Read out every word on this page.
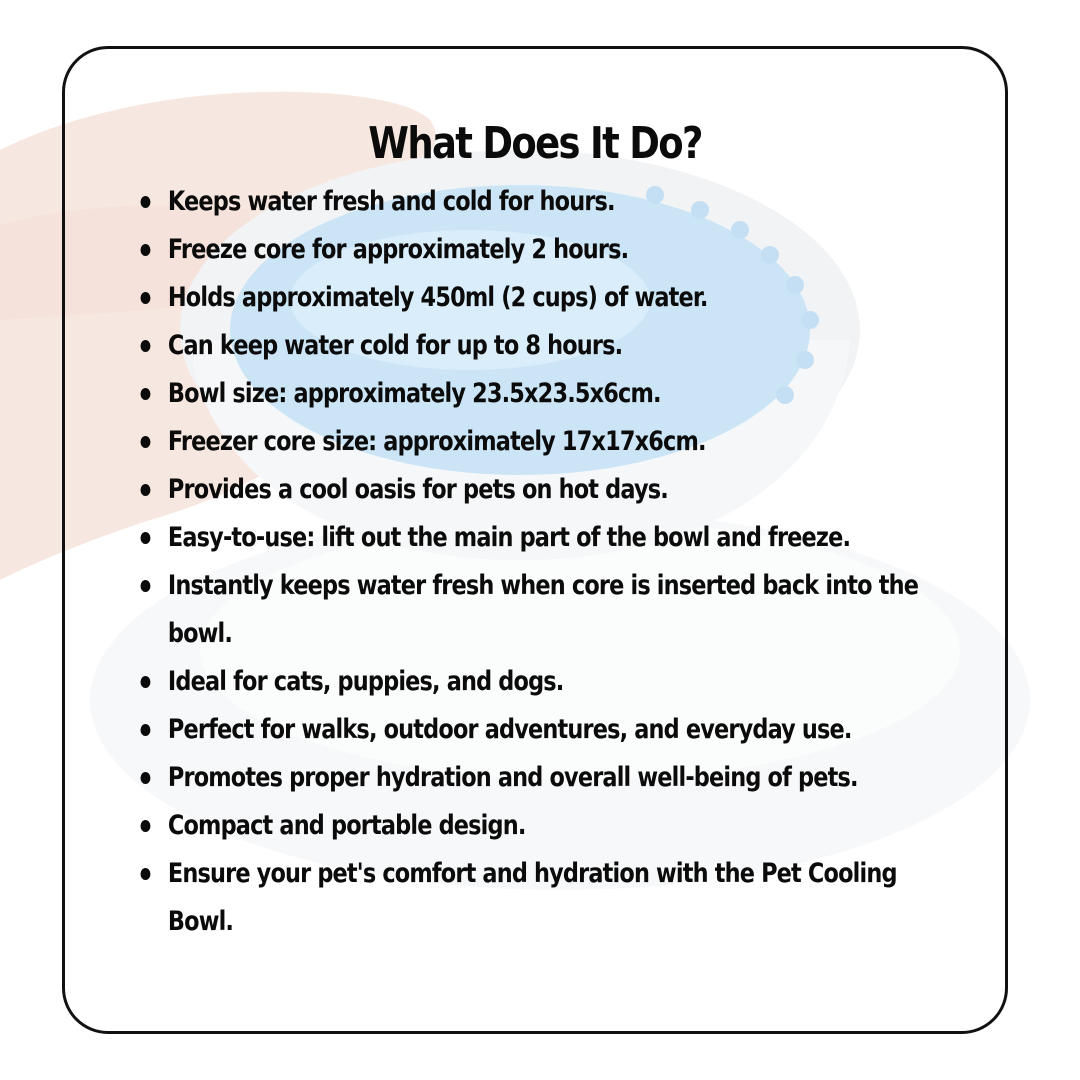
What Does It Do?
Keeps water fresh and cold for hours.
Freeze core for approximately 2 hours.
Holds approximately 450ml (2 cups) of water.
Can keep water cold for up to 8 hours.
Bowl size: approximately 23.5x23.5x6cm.
Freezer core size: approximately 17x17x6cm.
Provides a cool oasis for pets on hot days.
Easy-to-use: lift out the main part of the bowl and freeze.
Instantly keeps water fresh when core is inserted back into the bowl.
Ideal for cats, puppies, and dogs.
Perfect for walks, outdoor adventures, and everyday use.
Promotes proper hydration and overall well-being of pets.
Compact and portable design.
Ensure your pet's comfort and hydration with the Pet Cooling Bowl.
